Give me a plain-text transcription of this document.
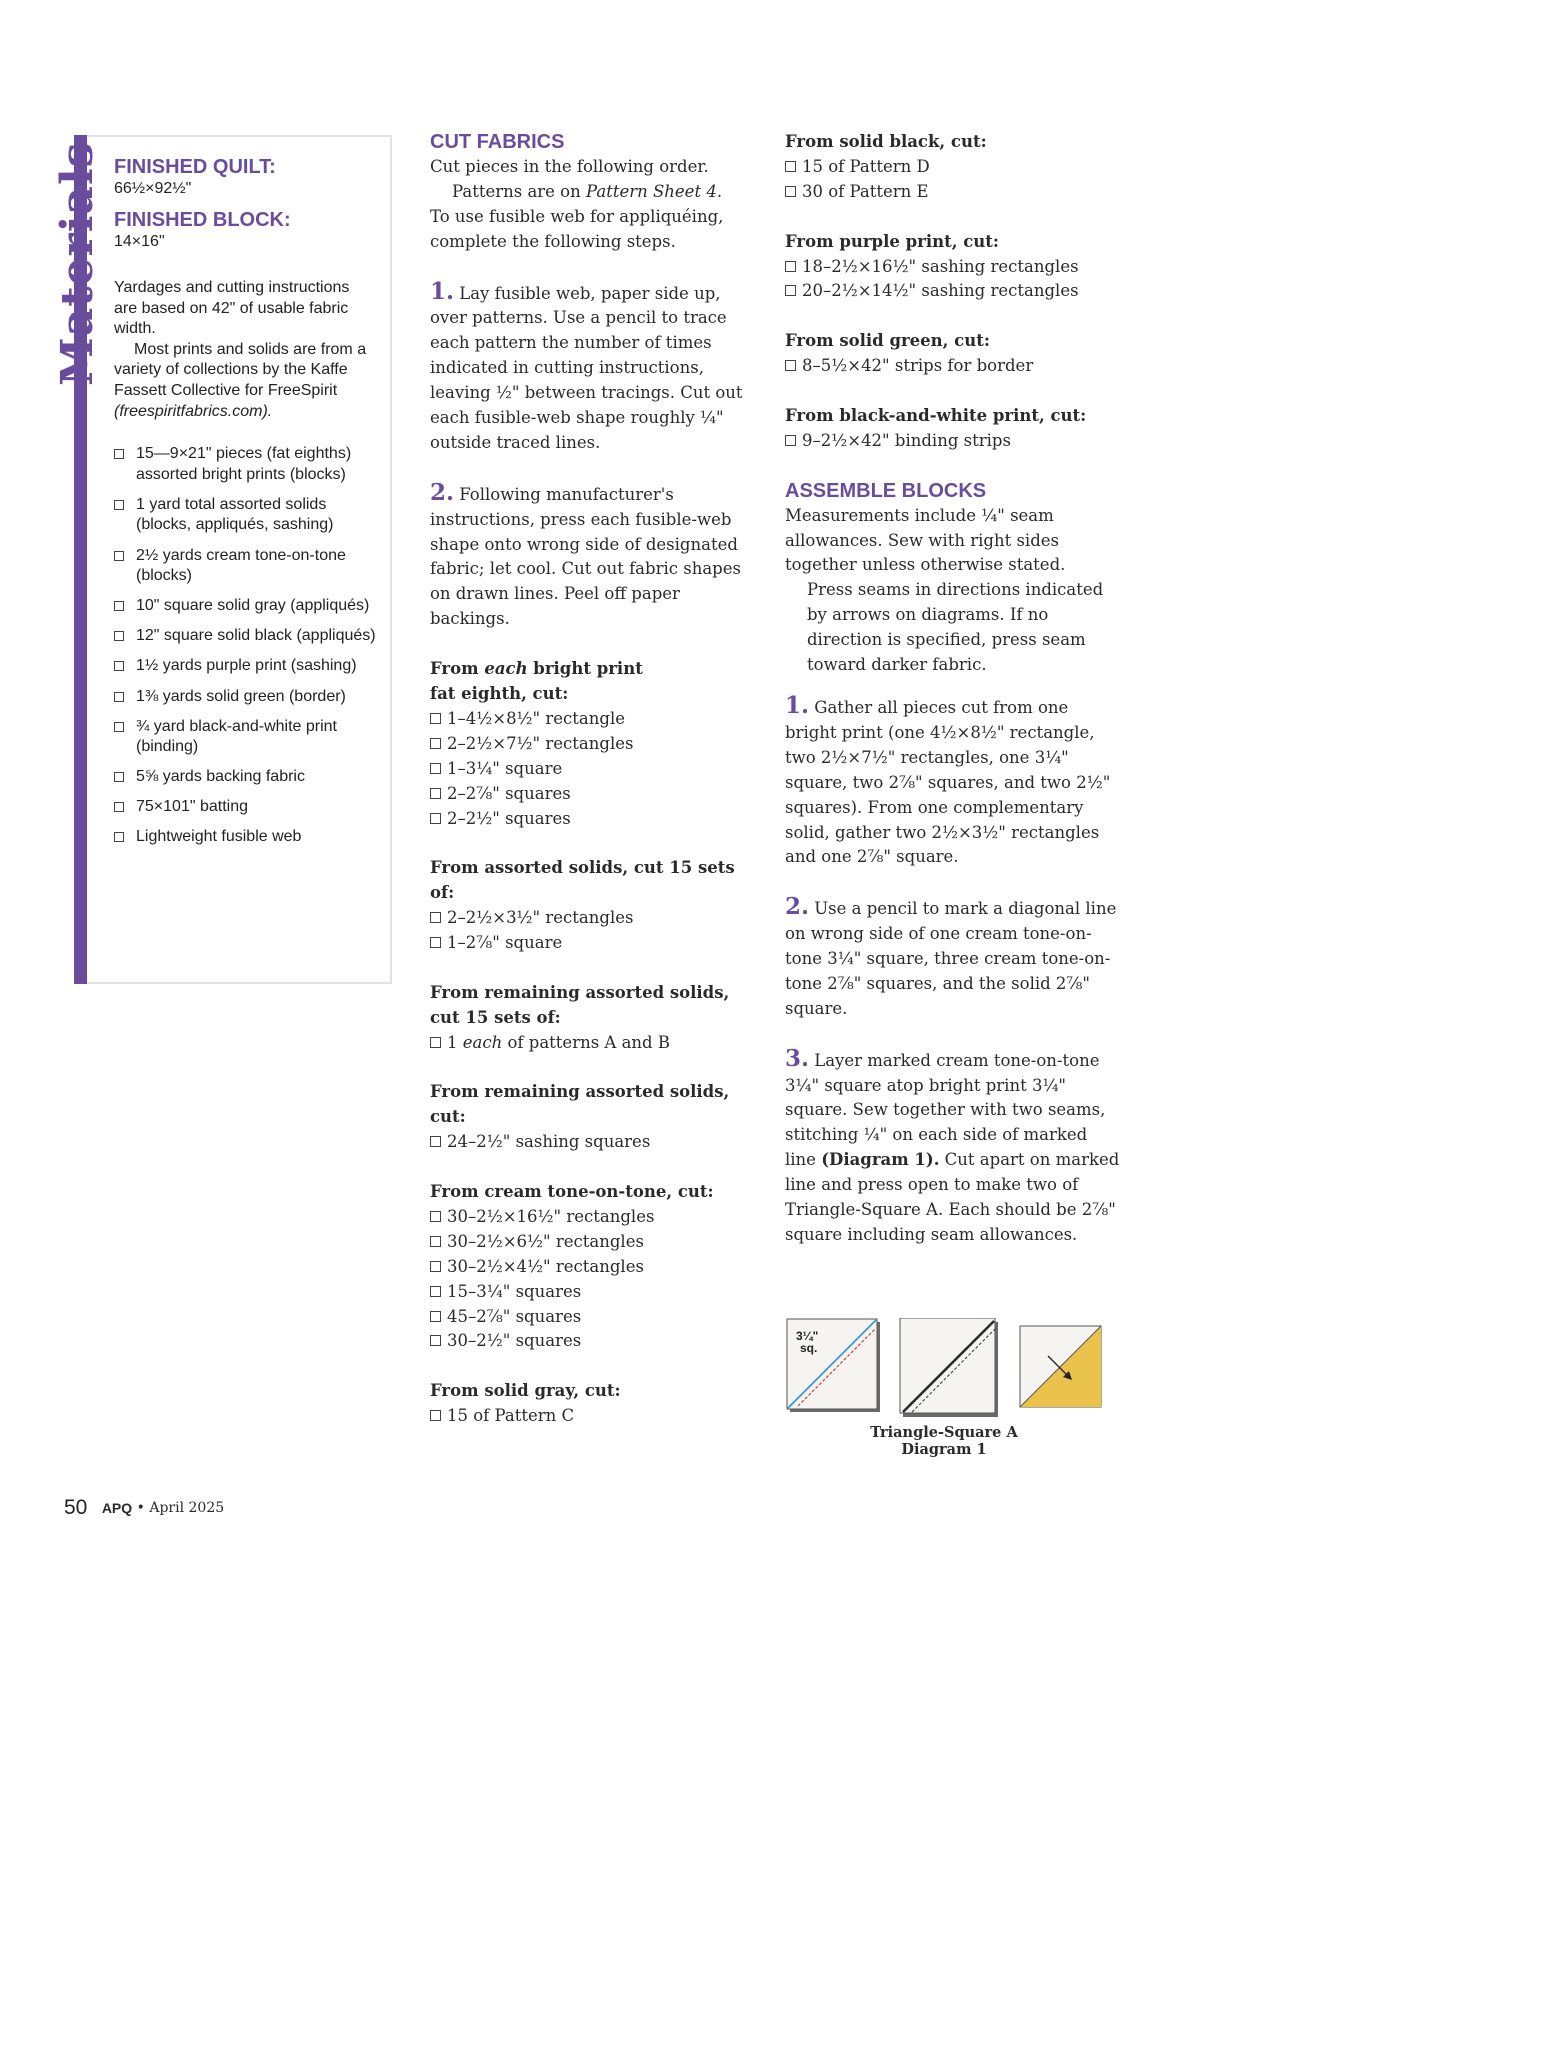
Materials FINISHED QUILT:
66½×92½"
FINISHED BLOCK:
14×16"
Yardages and cutting instructions are based on 42" of usable fabric width.
Most prints and solids are from a variety of collections by the Kaffe Fassett Collective for FreeSpirit (freespiritfabrics.com).
15—9×21" pieces (fat eighths) assorted bright prints (blocks)
1 yard total assorted solids (blocks, appliqués, sashing)
2½ yards cream tone-on-tone (blocks)
10" square solid gray (appliqués)
12" square solid black (appliqués)
1½ yards purple print (sashing)
1⅜ yards solid green (border)
¾ yard black-and-white print (binding)
5⅝ yards backing fabric
75×101" batting
Lightweight fusible web
CUT FABRICS

Cut pieces in the following order.

Patterns are on Pattern Sheet 4.

To use fusible web for appliquéing, complete the following steps.

1. Lay fusible web, paper side up, over patterns. Use a pencil to trace each pattern the number of times indicated in cutting instructions, leaving ½" between tracings. Cut out each fusible-web shape roughly ¼" outside traced lines.

2. Following manufacturer's instructions, press each fusible-web shape onto wrong side of designated fabric; let cool. Cut out fabric shapes on drawn lines. Peel off paper backings.

From each bright print
fat eighth, cut:

1–4½×8½" rectangle
2–2½×7½" rectangles
1–3¼" square
2–2⅞" squares
2–2½" squares

From assorted solids, cut 15 sets of:

2–2½×3½" rectangles
1–2⅞" square

From remaining assorted solids, cut 15 sets of:

1 each of patterns A and B

From remaining assorted solids, cut:

24–2½" sashing squares

From cream tone-on-tone, cut:

30–2½×16½" rectangles
30–2½×6½" rectangles
30–2½×4½" rectangles
15–3¼" squares
45–2⅞" squares
30–2½" squares

From solid gray, cut:

15 of Pattern C

From solid black, cut:

15 of Pattern D
30 of Pattern E

From purple print, cut:

18–2½×16½" sashing rectangles
20–2½×14½" sashing rectangles

From solid green, cut:

8–5½×42" strips for border

From black-and-white print, cut:

9–2½×42" binding strips
ASSEMBLE BLOCKS

Measurements include ¼" seam allowances. Sew with right sides together unless otherwise stated.

Press seams in directions indicated by arrows on diagrams. If no direction is specified, press seam toward darker fabric.

1. Gather all pieces cut from one bright print (one 4½×8½" rectangle, two 2½×7½" rectangles, one 3¼" square, two 2⅞" squares, and two 2½" squares). From one complementary solid, gather two 2½×3½" rectangles and one 2⅞" square.

2. Use a pencil to mark a diagonal line on wrong side of one cream tone-on-tone 3¼" square, three cream tone-on-tone 2⅞" squares, and the solid 2⅞" square.

3. Layer marked cream tone-on-tone 3¼" square atop bright print 3¼" square. Sew together with two seams, stitching ¼" on each side of marked line (Diagram 1). Cut apart on marked line and press open to make two of Triangle-Square A. Each should be 2⅞" square including seam allowances.

3¼"
sq.
Triangle-Square A
Diagram 1
50 APQ • April 2025
